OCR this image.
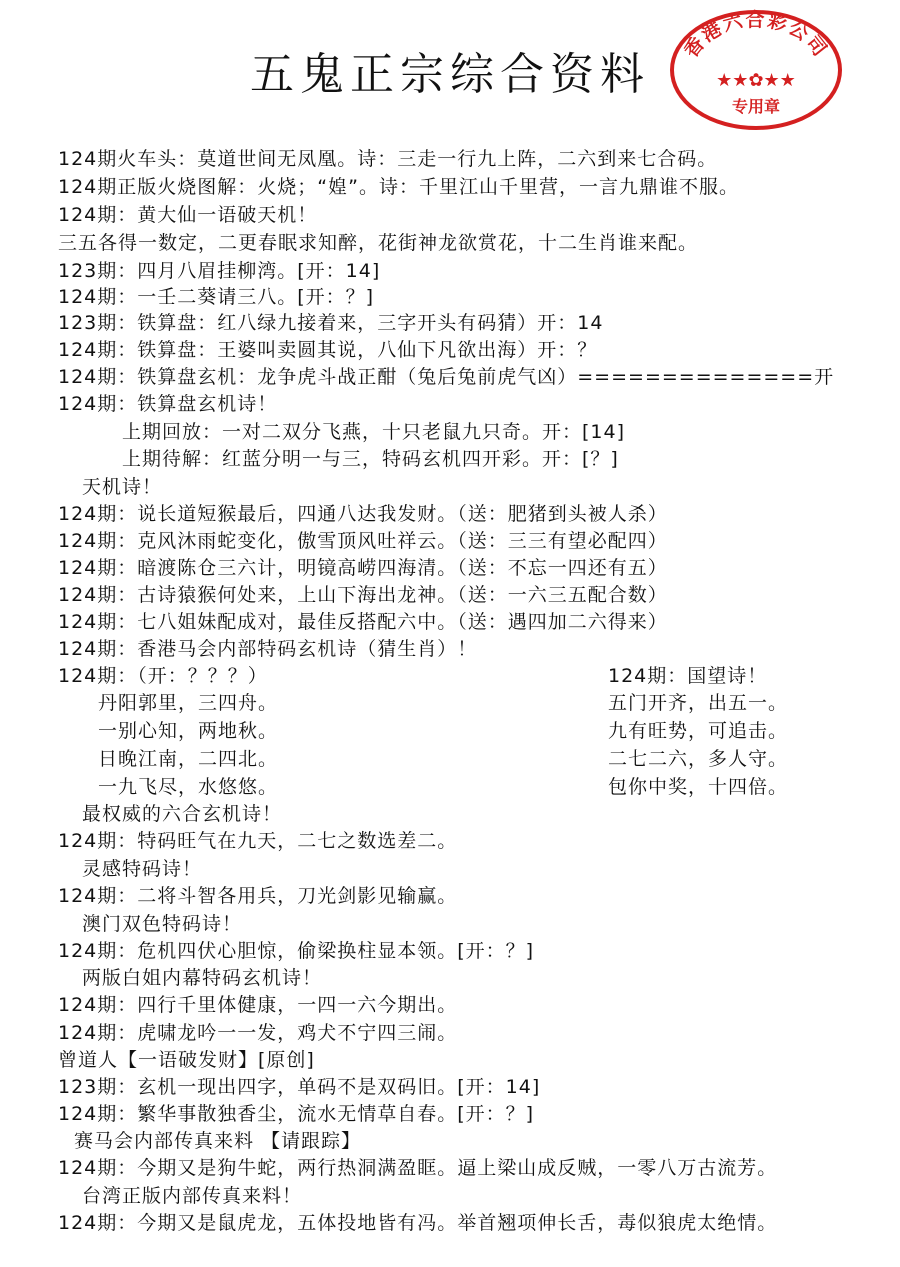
五鬼正宗综合资料
香港六合彩公司
★★✿★★
专用章
124期火车头：莫道世间无凤凰。诗：三走一行九上阵，二六到来七合码。
124期正版火烧图解：火烧；“媓”。诗：千里江山千里营，一言九鼎谁不服。
124期：黄大仙一语破天机！
三五各得一数定，二更春眠求知醉，花街神龙欲赏花，十二生肖谁来配。
123期：四月八眉挂柳湾。[开：14]
124期：一壬二葵请三八。[开：？]
123期：铁算盘：红八绿九接着来，三字开头有码猜）开：14
124期：铁算盘：王婆叫卖圆其说，八仙下凡欲出海）开：？
124期：铁算盘玄机：龙争虎斗战正酣（兔后兔前虎气凶）==============开
124期：铁算盘玄机诗！
上期回放：一对二双分飞燕，十只老鼠九只奇。开：[14]
上期待解：红蓝分明一与三，特码玄机四开彩。开：[？]
天机诗！
124期：说长道短猴最后，四通八达我发财。（送：肥猪到头被人杀）
124期：克风沐雨蛇变化，傲雪顶风吐祥云。（送：三三有望必配四）
124期：暗渡陈仓三六计，明镜高崂四海清。（送：不忘一四还有五）
124期：古诗猿猴何处来，上山下海出龙神。（送：一六三五配合数）
124期：七八姐妹配成对，最佳反搭配六中。（送：遇四加二六得来）
124期：香港马会内部特码玄机诗（猜生肖）！
124期：（开：？？？）
丹阳郭里，三四舟。
一别心知，两地秋。
日晚江南，二四北。
一九飞尽，水悠悠。
124期：国望诗！
五门开齐，出五一。
九有旺势，可追击。
二七二六，多人守。
包你中奖，十四倍。
最权威的六合玄机诗！
124期：特码旺气在九天，二七之数选差二。
灵感特码诗！
124期：二将斗智各用兵，刀光剑影见输赢。
澳门双色特码诗！
124期：危机四伏心胆惊，偷梁换柱显本领。[开：？]
两版白姐内幕特码玄机诗！
124期：四行千里体健康，一四一六今期出。
124期：虎啸龙吟一一发，鸡犬不宁四三闹。
曾道人【一语破发财】[原创]
123期：玄机一现出四字，单码不是双码旧。[开：14]
124期：繁华事散独香尘，流水无情草自春。[开：？]
赛马会内部传真来料 【请跟踪】
124期：今期又是狗牛蛇，两行热洞满盈眶。逼上梁山成反贼，一零八万古流芳。
台湾正版内部传真来料！
124期：今期又是鼠虎龙，五体投地皆有冯。举首翘项伸长舌，毒似狼虎太绝情。
